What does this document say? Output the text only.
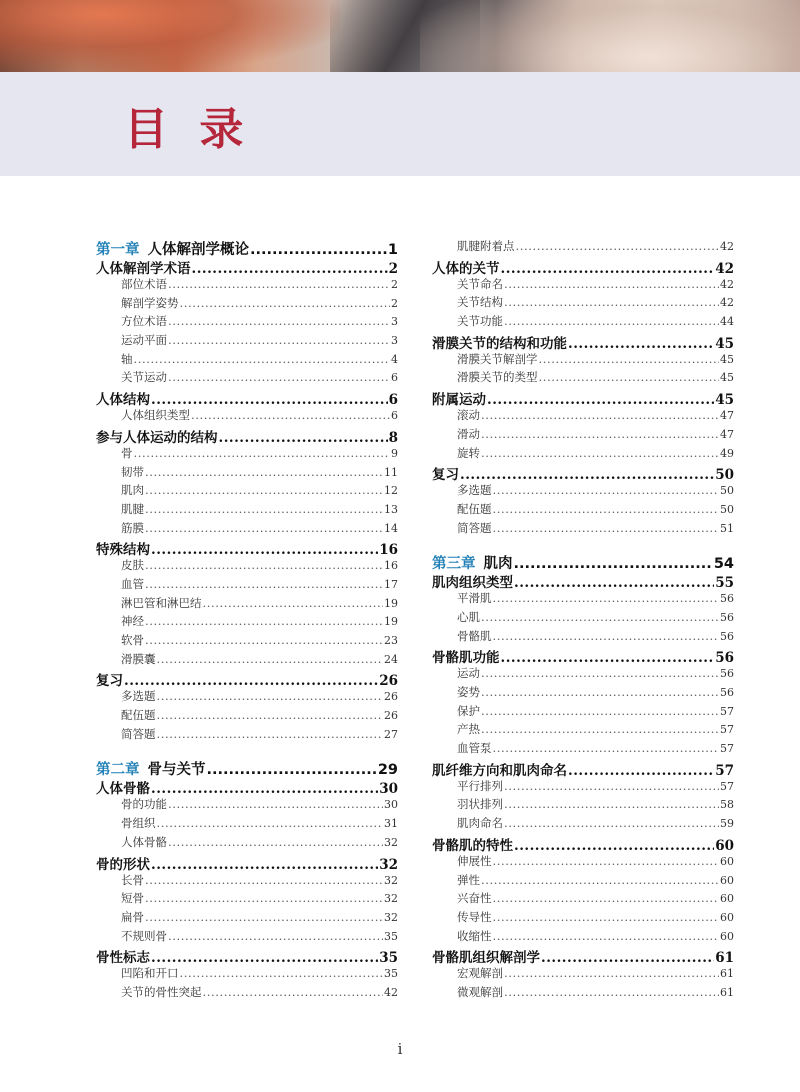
目 录
第一章 人体解剖学概论 .....	1
人体解剖学术语 .....	2
部位术语 .....	2
解剖学姿势 .....	2
方位术语 .....	3
运动平面 .....	3
轴 .....	4
关节运动 .....	6
人体结构 .....	6
人体组织类型 .....	6
参与人体运动的结构 .....	8
骨 .....	9
韧带 .....	11
肌肉 .....	12
肌腱 .....	13
筋膜 .....	14
特殊结构 .....	16
皮肤 .....	16
血管 .....	17
淋巴管和淋巴结 .....	19
神经 .....	19
软骨 .....	23
滑膜囊 .....	24
复习 .....	26
多选题 .....	26
配伍题 .....	26
简答题 .....	27
第二章 骨与关节 .....	29
人体骨骼 .....	30
骨的功能 .....	30
骨组织 .....	31
人体骨骼 .....	32
骨的形状 .....	32
长骨 .....	32
短骨 .....	32
扁骨 .....	32
不规则骨 .....	35
骨性标志 .....	35
凹陷和开口 .....	35
关节的骨性突起 .....	42
肌腱附着点 .....	42
人体的关节 .....	42
关节命名 .....	42
关节结构 .....	42
关节功能 .....	44
滑膜关节的结构和功能 .....	45
滑膜关节解剖学 .....	45
滑膜关节的类型 .....	45
附属运动 .....	45
滚动 .....	47
滑动 .....	47
旋转 .....	49
复习 .....	50
多选题 .....	50
配伍题 .....	50
简答题 .....	51
第三章 肌肉 .....	54
肌肉组织类型 .....	55
平滑肌 .....	56
心肌 .....	56
骨骼肌 .....	56
骨骼肌功能 .....	56
运动 .....	56
姿势 .....	56
保护 .....	57
产热 .....	57
血管泵 .....	57
肌纤维方向和肌肉命名 .....	57
平行排列 .....	57
羽状排列 .....	58
肌肉命名 .....	59
骨骼肌的特性 .....	60
伸展性 .....	60
弹性 .....	60
兴奋性 .....	60
传导性 .....	60
收缩性 .....	60
骨骼肌组织解剖学 .....	61
宏观解剖 .....	61
微观解剖 .....	61
i
